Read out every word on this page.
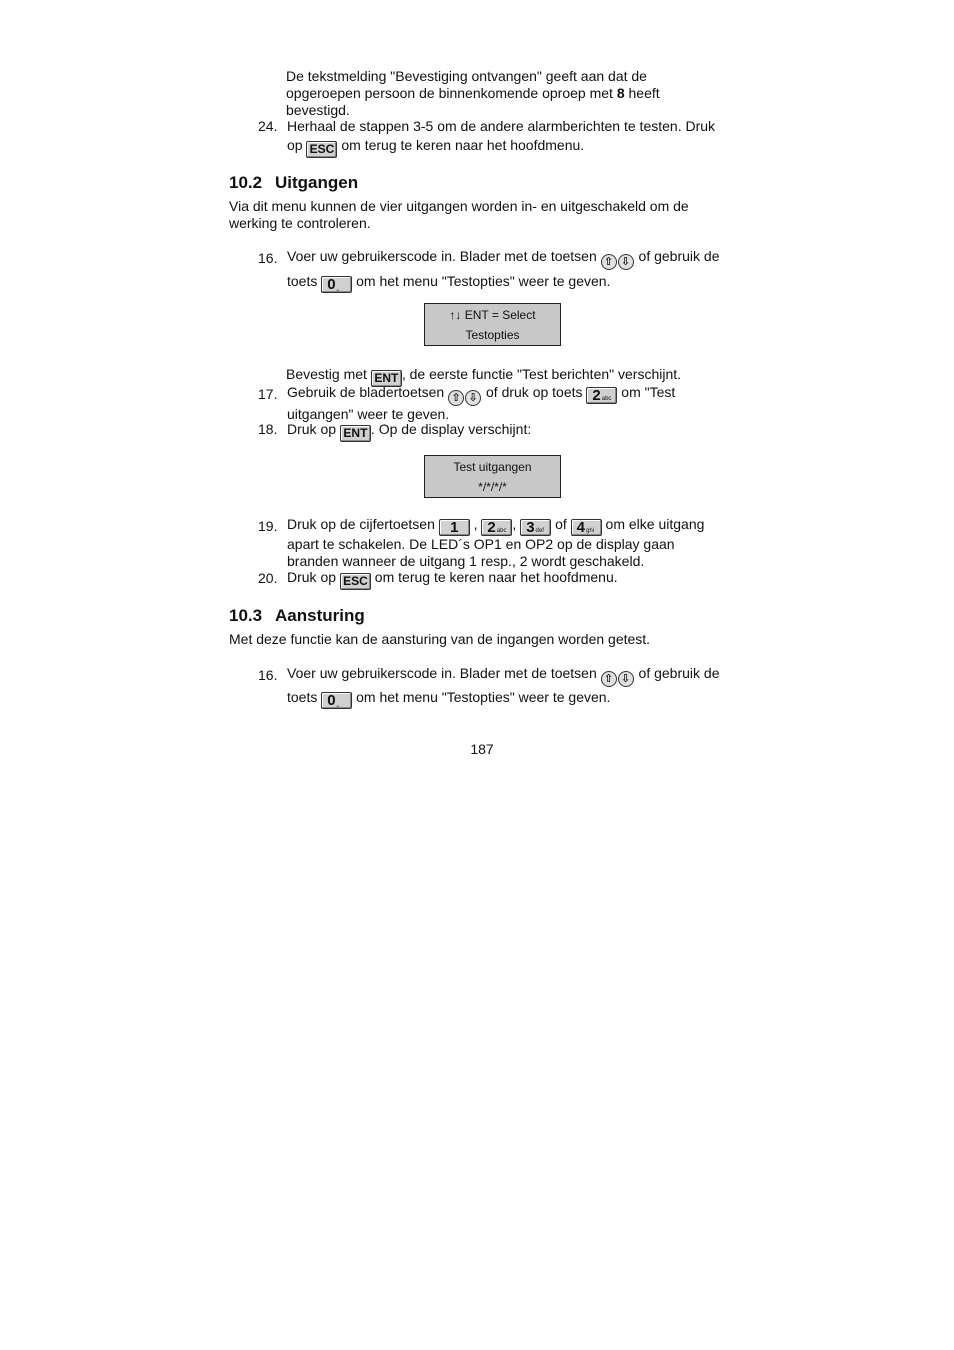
De tekstmelding "Bevestiging ontvangen" geeft aan dat de
opgeroepen persoon de binnenkomende oproep met 8 heeft
bevestigd.
24. Herhaal de stappen 3-5 om de andere alarmberichten te testen. Druk
op ESC om terug te keren naar het hoofdmenu.
10.2 Uitgangen
Via dit menu kunnen de vier uitgangen worden in- en uitgeschakeld om de
werking te controleren.
16. Voer uw gebruikerscode in. Blader met de toetsen ⇧ ⇩ of gebruik de
toets 0⎵ om het menu "Testopties" weer te geven.
↑↓ ENT = Select
Testopties
Bevestig met ENT , de eerste functie "Test berichten" verschijnt.
17. Gebruik de bladertoetsen ⇧ ⇩ of druk op toets 2abc om "Test
uitgangen" weer te geven.
18. Druk op ENT . Op de display verschijnt:
Test uitgangen
*/*/*/*
19. Druk op de cijfertoetsen 1 , 2abc , 3def of 4ghi om elke uitgang
apart te schakelen. De LED´s OP1 en OP2 op de display gaan
branden wanneer de uitgang 1 resp., 2 wordt geschakeld.
20. Druk op ESC om terug te keren naar het hoofdmenu.
10.3 Aansturing
Met deze functie kan de aansturing van de ingangen worden getest.
16. Voer uw gebruikerscode in. Blader met de toetsen ⇧ ⇩ of gebruik de
toets 0⎵ om het menu "Testopties" weer te geven.
187
